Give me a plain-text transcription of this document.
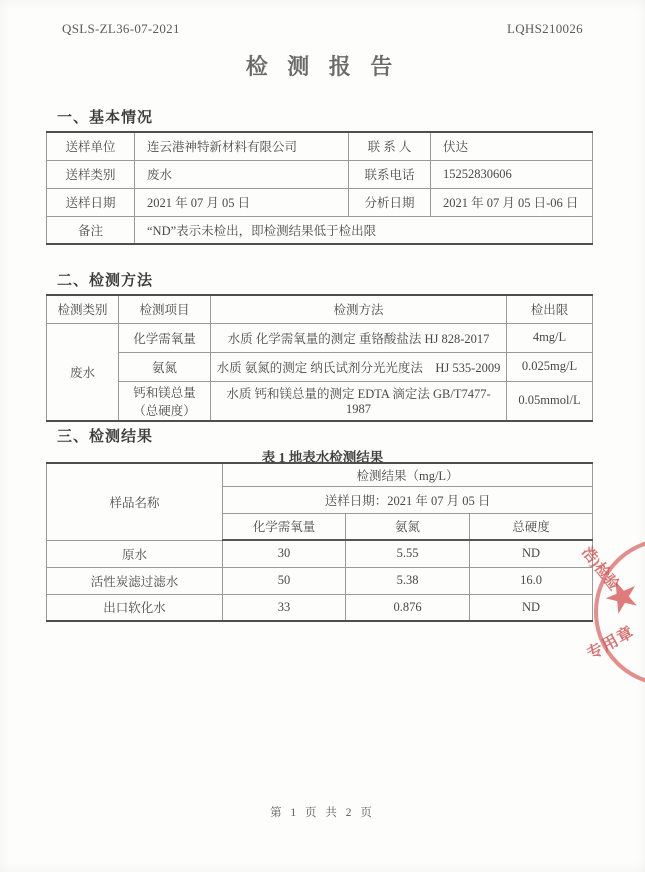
QSLS-ZL36-07-2021	LQHS210026
检 测 报 告
一、基本情况
送样单位	连云港神特新材料有限公司	联 系 人	伏达
送样类别	废水	联系电话	15252830606
送样日期	2021 年 07 月 05 日	分析日期	2021 年 07 月 05 日-06 日
备注	“ND”表示未检出，即检测结果低于检出限		
二、检测方法
检测类别	检测项目	检测方法	检出限
废水	化学需氧量	水质 化学需氧量的测定 重铬酸盐法 HJ 828-2017	4mg/L
	氨氮	水质 氨氮的测定 纳氏试剂分光光度法　HJ 535-2009	0.025mg/L
	钙和镁总量（总硬度）	水质 钙和镁总量的测定 EDTA 滴定法 GB/T7477-1987	0.05mmol/L
三、检测结果
表 1 地表水检测结果
样品名称	检测结果（mg/L）		
	送样日期：2021 年 07 月 05 日		
	化学需氧量	氨氮	总硬度
原水	30	5.55	ND
活性炭滤过滤水	50	5.38	16.0
出口软化水	33	0.876	ND
浩)检验
专用章
第 1 页 共 2 页
